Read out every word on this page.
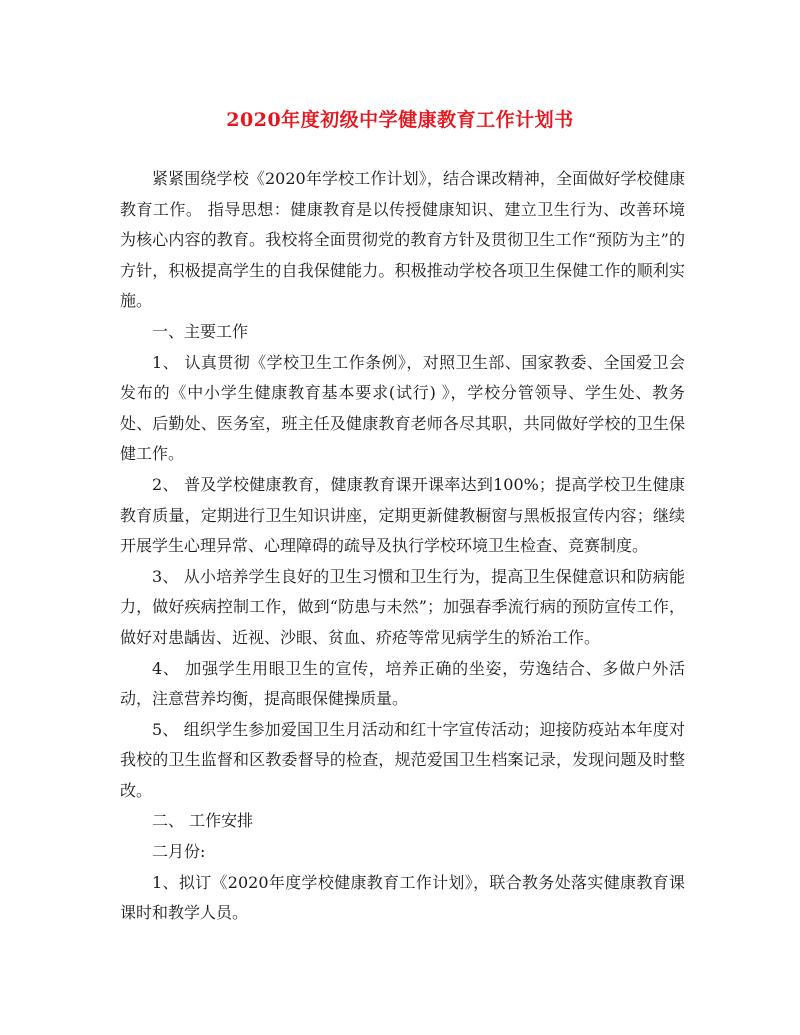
2020年度初级中学健康教育工作计划书

紧紧围绕学校《2020年学校工作计划》，结合课改精神，全面做好学校健康教育工作。 指导思想：健康教育是以传授健康知识、建立卫生行为、改善环境为核心内容的教育。我校将全面贯彻党的教育方针及贯彻卫生工作“预防为主”的方针，积极提高学生的自我保健能力。积极推动学校各项卫生保健工作的顺利实施。

一、主要工作

1、 认真贯彻《学校卫生工作条例》，对照卫生部、国家教委、全国爱卫会发布的《中小学生健康教育基本要求(试行) 》，学校分管领导、学生处、教务处、后勤处、医务室，班主任及健康教育老师各尽其职，共同做好学校的卫生保健工作。

2、 普及学校健康教育，健康教育课开课率达到100%；提高学校卫生健康教育质量，定期进行卫生知识讲座，定期更新健教橱窗与黑板报宣传内容；继续开展学生心理异常、心理障碍的疏导及执行学校环境卫生检查、竞赛制度。

3、 从小培养学生良好的卫生习惯和卫生行为，提高卫生保健意识和防病能力，做好疾病控制工作，做到“防患与未然”；加强春季流行病的预防宣传工作，做好对患龋齿、近视、沙眼、贫血、疥疮等常见病学生的矫治工作。

4、 加强学生用眼卫生的宣传，培养正确的坐姿，劳逸结合、多做户外活动，注意营养均衡，提高眼保健操质量。

5、 组织学生参加爱国卫生月活动和红十字宣传活动；迎接防疫站本年度对我校的卫生监督和区教委督导的检查，规范爱国卫生档案记录，发现问题及时整改。

二、 工作安排

二月份:

1、拟订《2020年度学校健康教育工作计划》，联合教务处落实健康教育课课时和教学人员。
